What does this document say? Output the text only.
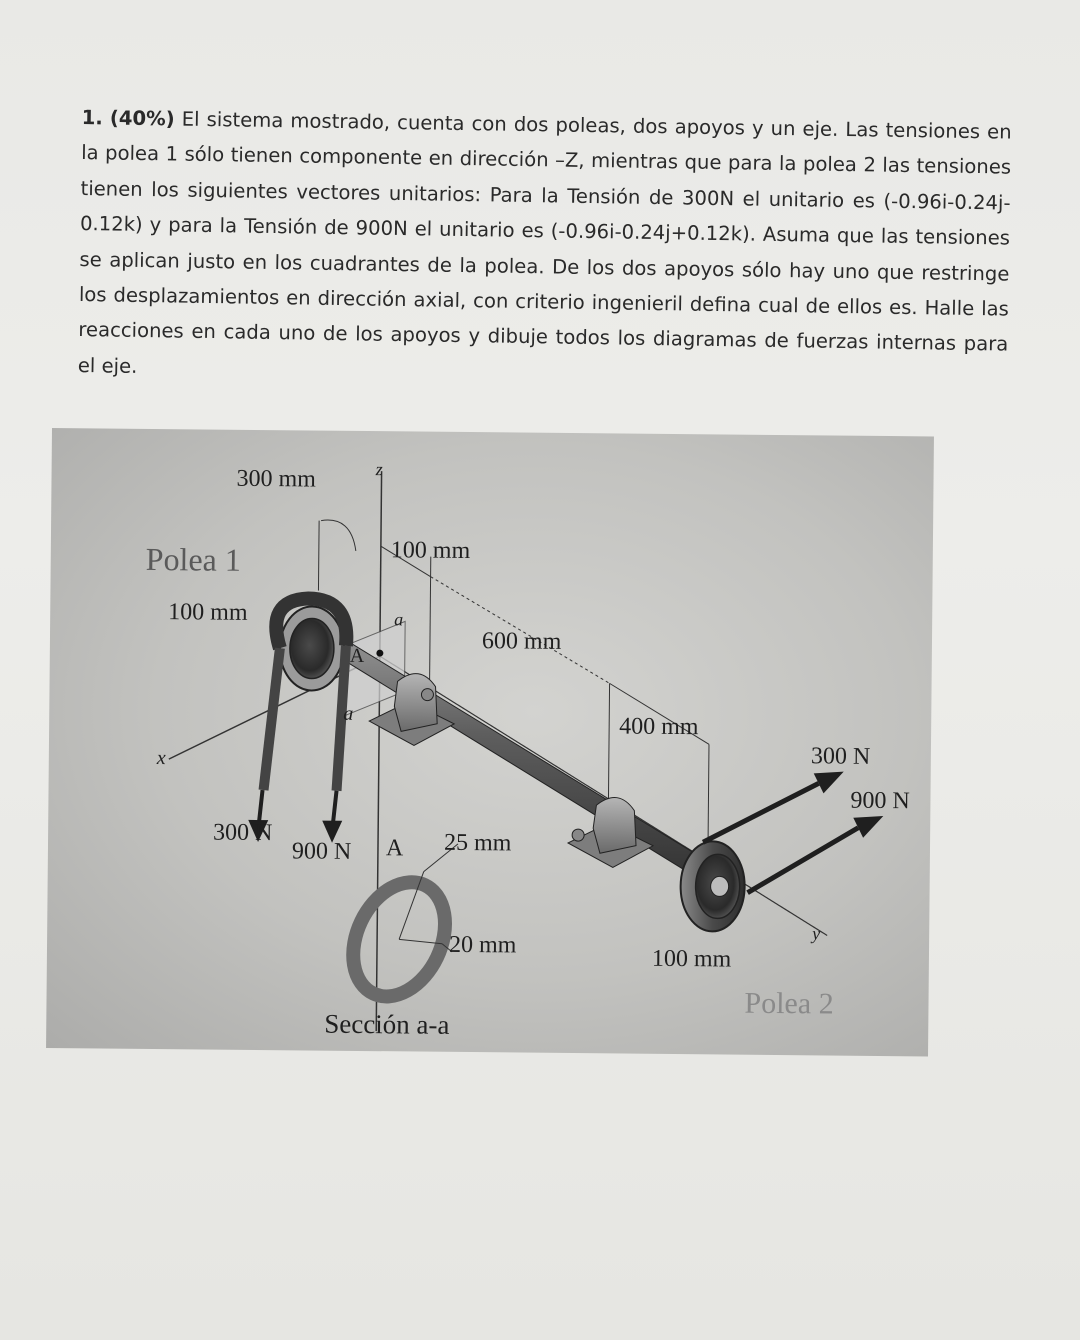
1. (40%) El sistema mostrado, cuenta con dos poleas, dos apoyos y un eje. Las tensiones en la polea 1 sólo tienen componente en dirección –Z, mientras que para la polea 2 las tensiones tienen los siguientes vectores unitarios: Para la Tensión de 300N el unitario es (-0.96i-0.24j-0.12k) y para la Tensión de 900N el unitario es (-0.96i-0.24j+0.12k). Asuma que las tensiones se aplican justo en los cuadrantes de la polea. De los dos apoyos sólo hay uno que restringe los desplazamientos en dirección axial, con criterio ingenieril defina cual de ellos es. Halle las reacciones en cada uno de los apoyos y dibuje todos los diagramas de fuerzas internas para el eje.
300 mm	z
Polea 1	100 mm
100 mm	a
A
600 mm
a	400 mm
x	300 N
900 N
300 N
900 N A 25 mm
20 mm
100 mm
y
Polea 2
Sección a-a
